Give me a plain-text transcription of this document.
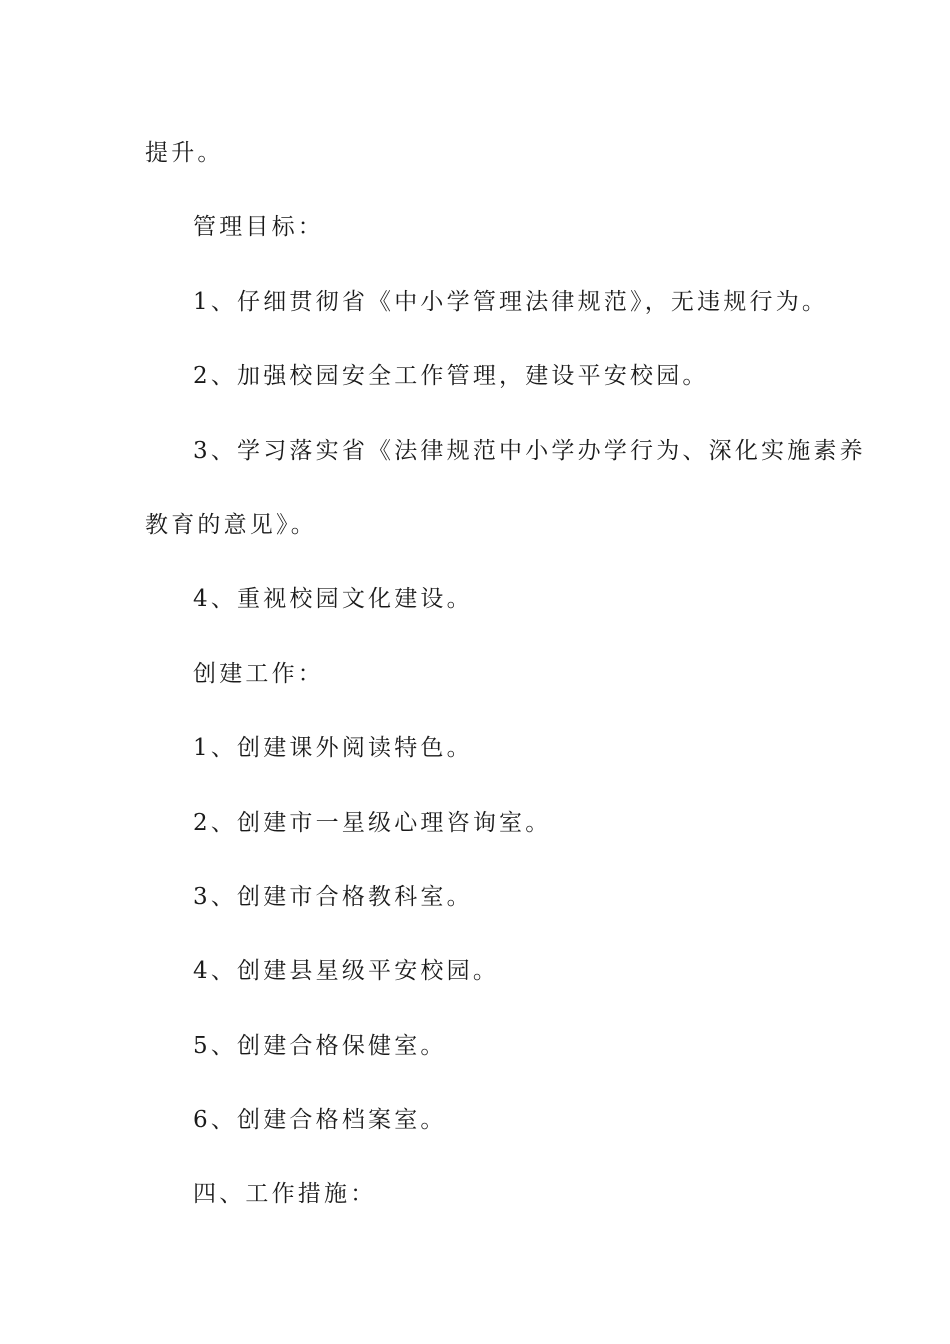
提升。
管理目标：
1、仔细贯彻省《中小学管理法律规范》，无违规行为。
2、加强校园安全工作管理，建设平安校园。
3、学习落实省《法律规范中小学办学行为、深化实施素养
教育的意见》。
4、重视校园文化建设。
创建工作：
1、创建课外阅读特色。
2、创建市一星级心理咨询室。
3、创建市合格教科室。
4、创建县星级平安校园。
5、创建合格保健室。
6、创建合格档案室。
四、工作措施：
